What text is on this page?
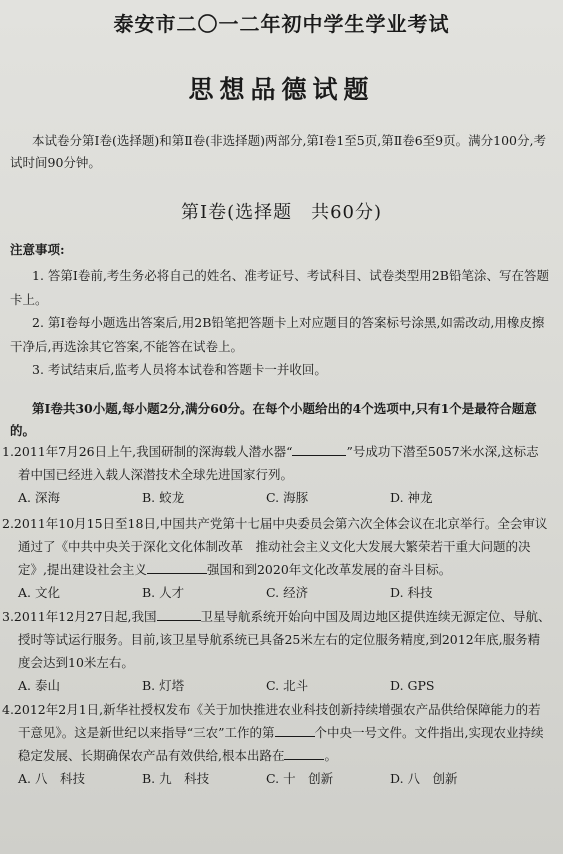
泰安市二〇一二年初中学生学业考试
思想品德试题
本试卷分第Ⅰ卷(选择题)和第Ⅱ卷(非选择题)两部分,第Ⅰ卷1至5页,第Ⅱ卷6至9页。满分100分,考试时间90分钟。
第Ⅰ卷(选择题　共60分)
注意事项:

1. 答第Ⅰ卷前,考生务必将自己的姓名、准考证号、考试科目、试卷类型用2B铅笔涂、写在答题卡上。

2. 第Ⅰ卷每小题选出答案后,用2B铅笔把答题卡上对应题目的答案标号涂黑,如需改动,用橡皮擦干净后,再选涂其它答案,不能答在试卷上。

3. 考试结束后,监考人员将本试卷和答题卡一并收回。

第Ⅰ卷共30小题,每小题2分,满分60分。在每个小题给出的4个选项中,只有1个是最符合题意的。
1.2011年7月26日上午,我国研制的深海载人潜水器“	”号成功下潜至5057米水深,这标志着中国已经进入载人深潜技术全球先进国家行列。
A. 深海	B. 蛟龙	C. 海豚	D. 神龙
2.2011年10月15日至18日,中国共产党第十七届中央委员会第六次全体会议在北京举行。全会审议通过了《中共中央关于深化文化体制改革　推动社会主义文化大发展大繁荣若干重大问题的决定》,提出建设社会主义	强国和到2020年文化改革发展的奋斗目标。
A. 文化	B. 人才	C. 经济	D. 科技
3.2011年12月27日起,我国	卫星导航系统开始向中国及周边地区提供连续无源定位、导航、授时等试运行服务。目前,该卫星导航系统已具备25米左右的定位服务精度,到2012年底,服务精度会达到10米左右。
A. 泰山	B. 灯塔	C. 北斗	D. GPS
4.2012年2月1日,新华社授权发布《关于加快推进农业科技创新持续增强农产品供给保障能力的若干意见》。这是新世纪以来指导“三农”工作的第	个中央一号文件。文件指出,实现农业持续稳定发展、长期确保农产品有效供给,根本出路在	。
A. 八　科技	B. 九　科技	C. 十　创新	D. 八　创新
